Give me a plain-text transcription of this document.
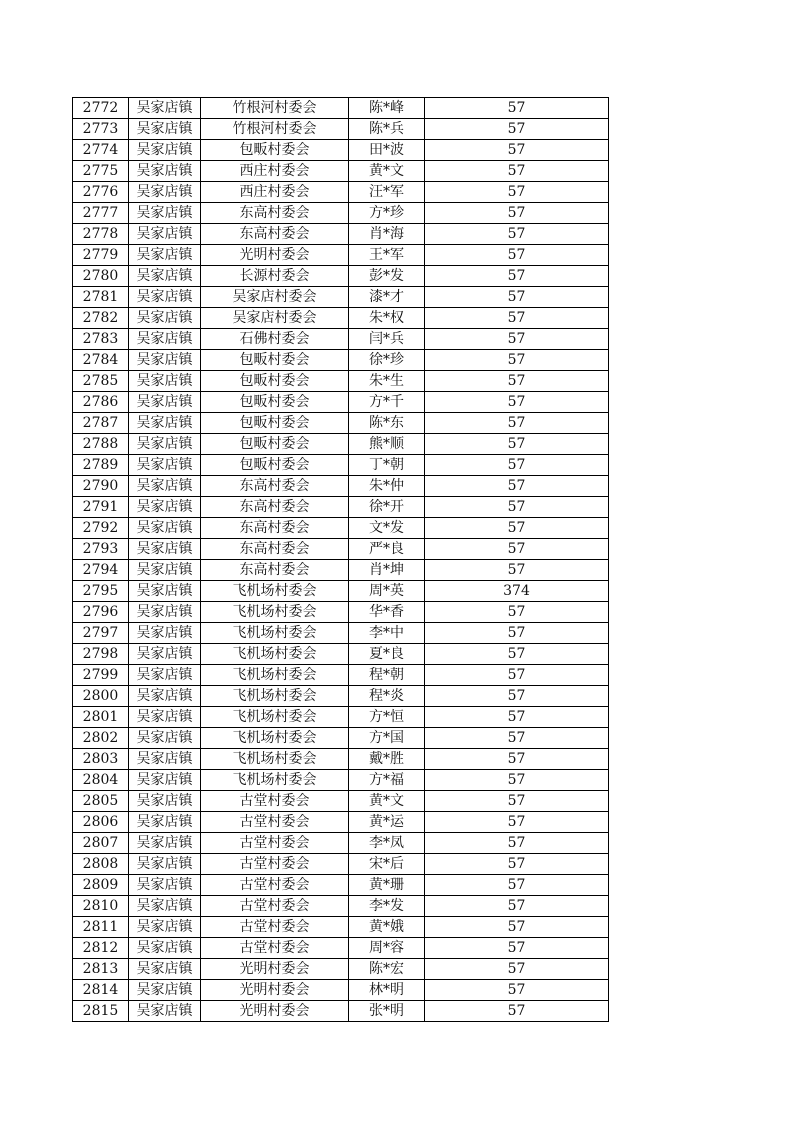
2772	吴家店镇	竹根河村委会	陈*峰	57
2773	吴家店镇	竹根河村委会	陈*兵	57
2774	吴家店镇	包畈村委会	田*波	57
2775	吴家店镇	西庄村委会	黄*文	57
2776	吴家店镇	西庄村委会	汪*军	57
2777	吴家店镇	东高村委会	方*珍	57
2778	吴家店镇	东高村委会	肖*海	57
2779	吴家店镇	光明村委会	王*军	57
2780	吴家店镇	长源村委会	彭*发	57
2781	吴家店镇	吴家店村委会	漆*才	57
2782	吴家店镇	吴家店村委会	朱*权	57
2783	吴家店镇	石佛村委会	闫*兵	57
2784	吴家店镇	包畈村委会	徐*珍	57
2785	吴家店镇	包畈村委会	朱*生	57
2786	吴家店镇	包畈村委会	方*千	57
2787	吴家店镇	包畈村委会	陈*东	57
2788	吴家店镇	包畈村委会	熊*顺	57
2789	吴家店镇	包畈村委会	丁*朝	57
2790	吴家店镇	东高村委会	朱*仲	57
2791	吴家店镇	东高村委会	徐*开	57
2792	吴家店镇	东高村委会	文*发	57
2793	吴家店镇	东高村委会	严*良	57
2794	吴家店镇	东高村委会	肖*坤	57
2795	吴家店镇	飞机场村委会	周*英	374
2796	吴家店镇	飞机场村委会	华*香	57
2797	吴家店镇	飞机场村委会	李*中	57
2798	吴家店镇	飞机场村委会	夏*良	57
2799	吴家店镇	飞机场村委会	程*朝	57
2800	吴家店镇	飞机场村委会	程*炎	57
2801	吴家店镇	飞机场村委会	方*恒	57
2802	吴家店镇	飞机场村委会	方*国	57
2803	吴家店镇	飞机场村委会	戴*胜	57
2804	吴家店镇	飞机场村委会	方*福	57
2805	吴家店镇	古堂村委会	黄*文	57
2806	吴家店镇	古堂村委会	黄*运	57
2807	吴家店镇	古堂村委会	李*凤	57
2808	吴家店镇	古堂村委会	宋*后	57
2809	吴家店镇	古堂村委会	黄*珊	57
2810	吴家店镇	古堂村委会	李*发	57
2811	吴家店镇	古堂村委会	黄*娥	57
2812	吴家店镇	古堂村委会	周*容	57
2813	吴家店镇	光明村委会	陈*宏	57
2814	吴家店镇	光明村委会	林*明	57
2815	吴家店镇	光明村委会	张*明	57
